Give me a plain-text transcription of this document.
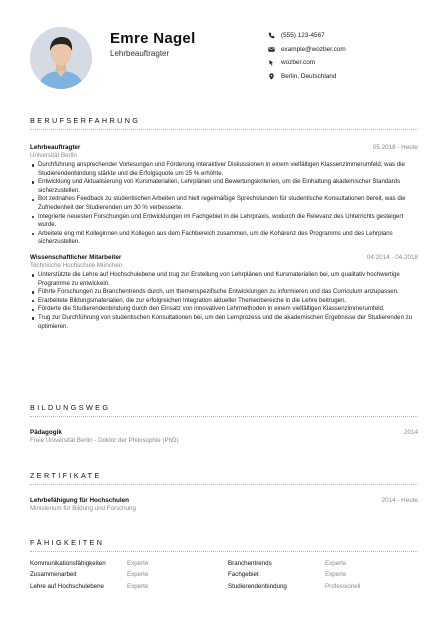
Emre Nagel
Lehrbeauftragter
(555) 123-4567
example@wozber.com
wozber.com
Berlin, Deutschland
BERUFSERFAHRUNG
Lehrbeauftragter	05.2018 - Heute
Universität Berlin
Durchführung ansprechender Vorlesungen und Förderung interaktiver Diskussionen in einem vielfältigen Klassenzimmerumfeld, was die Studierendenbindung stärkte und die Erfolgsquote um 25 % erhöhte.
Entwicklung und Aktualisierung von Kursmaterialien, Lehrplänen und Bewertungskriterien, um die Einhaltung akademischer Standards sicherzustellen.
Bot zeitnahes Feedback zu studentischen Arbeiten und hielt regelmäßige Sprechstunden für studentische Konsultationen bereit, was die Zufriedenheit der Studierenden um 30 % verbesserte.
Integrierte neuesten Forschungen und Entwicklungen im Fachgebiet in die Lehrpraxis, wodurch die Relevanz des Unterrichts gesteigert wurde.
Arbeitete eng mit Kolleginnen und Kollegen aus dem Fachbereich zusammen, um die Kohärenz des Programms und des Lehrplans sicherzustellen.
Wissenschaftlicher Mitarbeiter	04.2014 - 04.2018
Technische Hochschule München
Unterstützte die Lehre auf Hochschulebene und trug zur Erstellung von Lehrplänen und Kursmaterialien bei, um qualitativ hochwertige Programme zu entwickeln.
Führte Forschungen zu Branchentrends durch, um themenspezifische Entwicklungen zu informieren und das Curriculum anzupassen.
Erarbeitete Bildungsmaterialien, die zur erfolgreichen Integration aktueller Themenbereiche in die Lehre beitrugen.
Förderte die Studierendenbindung durch den Einsatz von innovativen Lehrmethoden in einem vielfältigen Klassenzimmerumfeld.
Trug zur Durchführung von studentischen Konsultationen bei, um den Lernprozess und die akademischen Ergebnisse der Studierenden zu optimieren.
BILDUNGSWEG
Pädagogik	2014
Freie Universität Berlin - Doktor der Philosophie (PhD)
ZERTIFIKATE
Lehrbefähigung für Hochschulen	2014 - Heute
Ministerium für Bildung und Forschung
FÄHIGKEITEN
Kommunikationsfähigkeiten	Experte	Branchentrends	Experte
Zusammenarbeit	Experte	Fachgebiet	Experte
Lehre auf Hochschulebene	Experte	Studierendenbindung	Professionell
